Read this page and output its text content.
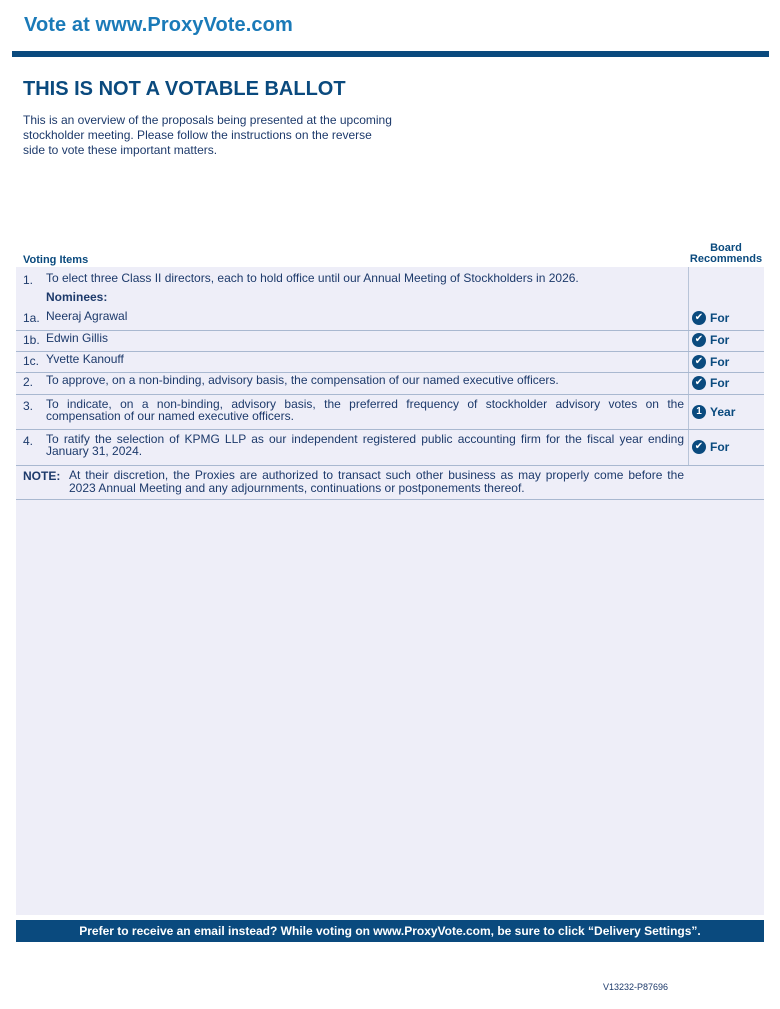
Vote at www.ProxyVote.com
THIS IS NOT A VOTABLE BALLOT

This is an overview of the proposals being presented at the upcoming stockholder meeting. Please follow the instructions on the reverse side to vote these important matters.

Voting Items
Board
Recommends
1. To elect three Class II directors, each to hold office until our Annual Meeting of Stockholders in 2026.
Nominees:
1a. Neeraj Agrawal	✔ For
1b. Edwin Gillis	✔ For
1c. Yvette Kanouff	✔ For
2. To approve, on a non-binding, advisory basis, the compensation of our named executive officers.	✔ For
3. To indicate, on a non-binding, advisory basis, the preferred frequency of stockholder advisory votes on the compensation of our named executive officers.	1 Year
4. To ratify the selection of KPMG LLP as our independent registered public accounting firm for the fiscal year ending January 31, 2024.	✔ For
NOTE: At their discretion, the Proxies are authorized to transact such other business as may properly come before the 2023 Annual Meeting and any adjournments, continuations or postponements thereof.
Prefer to receive an email instead? While voting on www.ProxyVote.com, be sure to click “Delivery Settings”.
V13232-P87696
